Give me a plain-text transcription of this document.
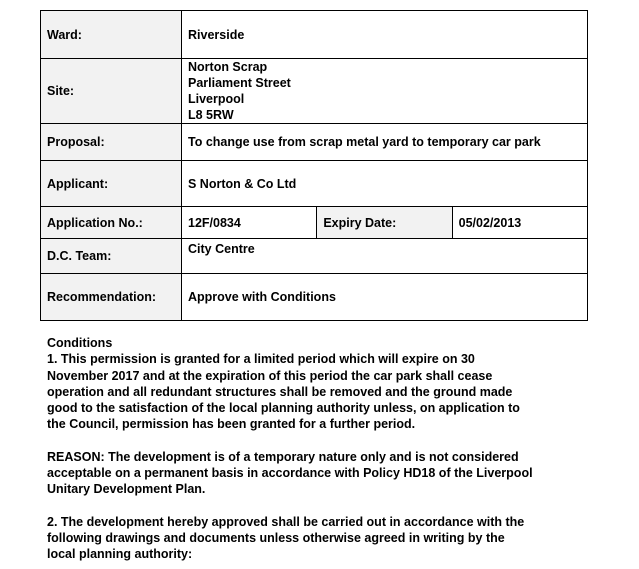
Ward:	Riverside		
Site:	Norton Scrap
Parliament Street
Liverpool
L8 5RW		

Proposal:	To change use from scrap metal yard to temporary car park		
Applicant:	S Norton & Co Ltd		
Application No.:	12F/0834	Expiry Date:	05/02/2013
D.C. Team:	City Centre		
Recommendation:	Approve with Conditions		

Conditions

1. This permission is granted for a limited period which will expire on 30
November 2017 and at the expiration of this period the car park shall cease
operation and all redundant structures shall be removed and the ground made
good to the satisfaction of the local planning authority unless, on application to
the Council, permission has been granted for a further period.
REASON: The development is of a temporary nature only and is not considered
acceptable on a permanent basis in accordance with Policy HD18 of the Liverpool
Unitary Development Plan.
2. The development hereby approved shall be carried out in accordance with the
following drawings and documents unless otherwise agreed in writing by the
local planning authority:
